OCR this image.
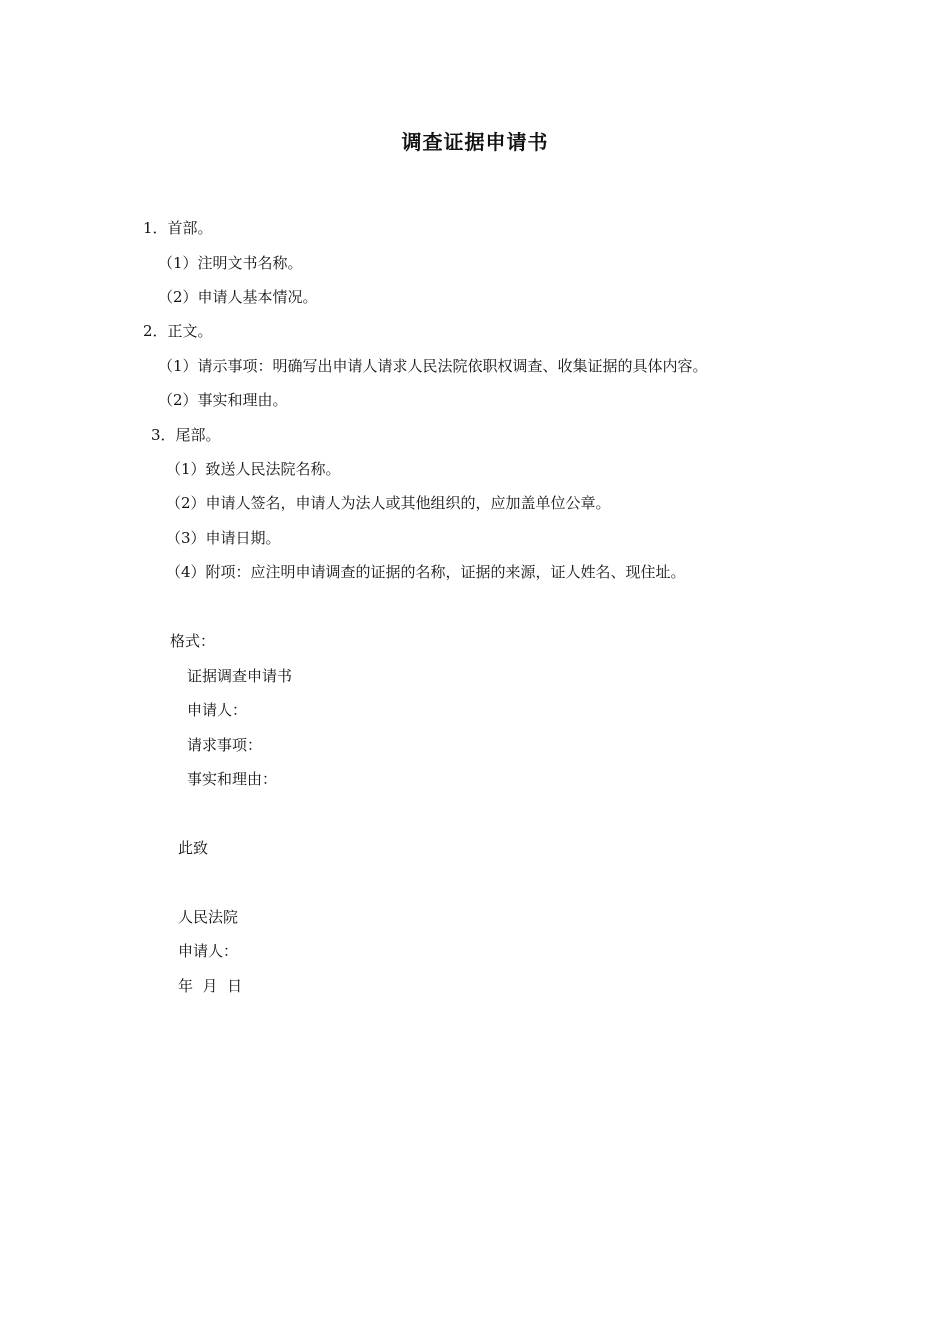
调查证据申请书
1．首部。
（1）注明文书名称。
（2）申请人基本情况。
2．正文。
（1）请示事项：明确写出申请人请求人民法院依职权调查、收集证据的具体内容。
（2）事实和理由。
3．尾部。
（1）致送人民法院名称。
（2）申请人签名，申请人为法人或其他组织的，应加盖单位公章。
（3）申请日期。
（4）附项：应注明申请调查的证据的名称，证据的来源，证人姓名、现住址。
格式：
证据调查申请书
申请人：
请求事项：
事实和理由：
此致
人民法院
申请人：
年  月  日
